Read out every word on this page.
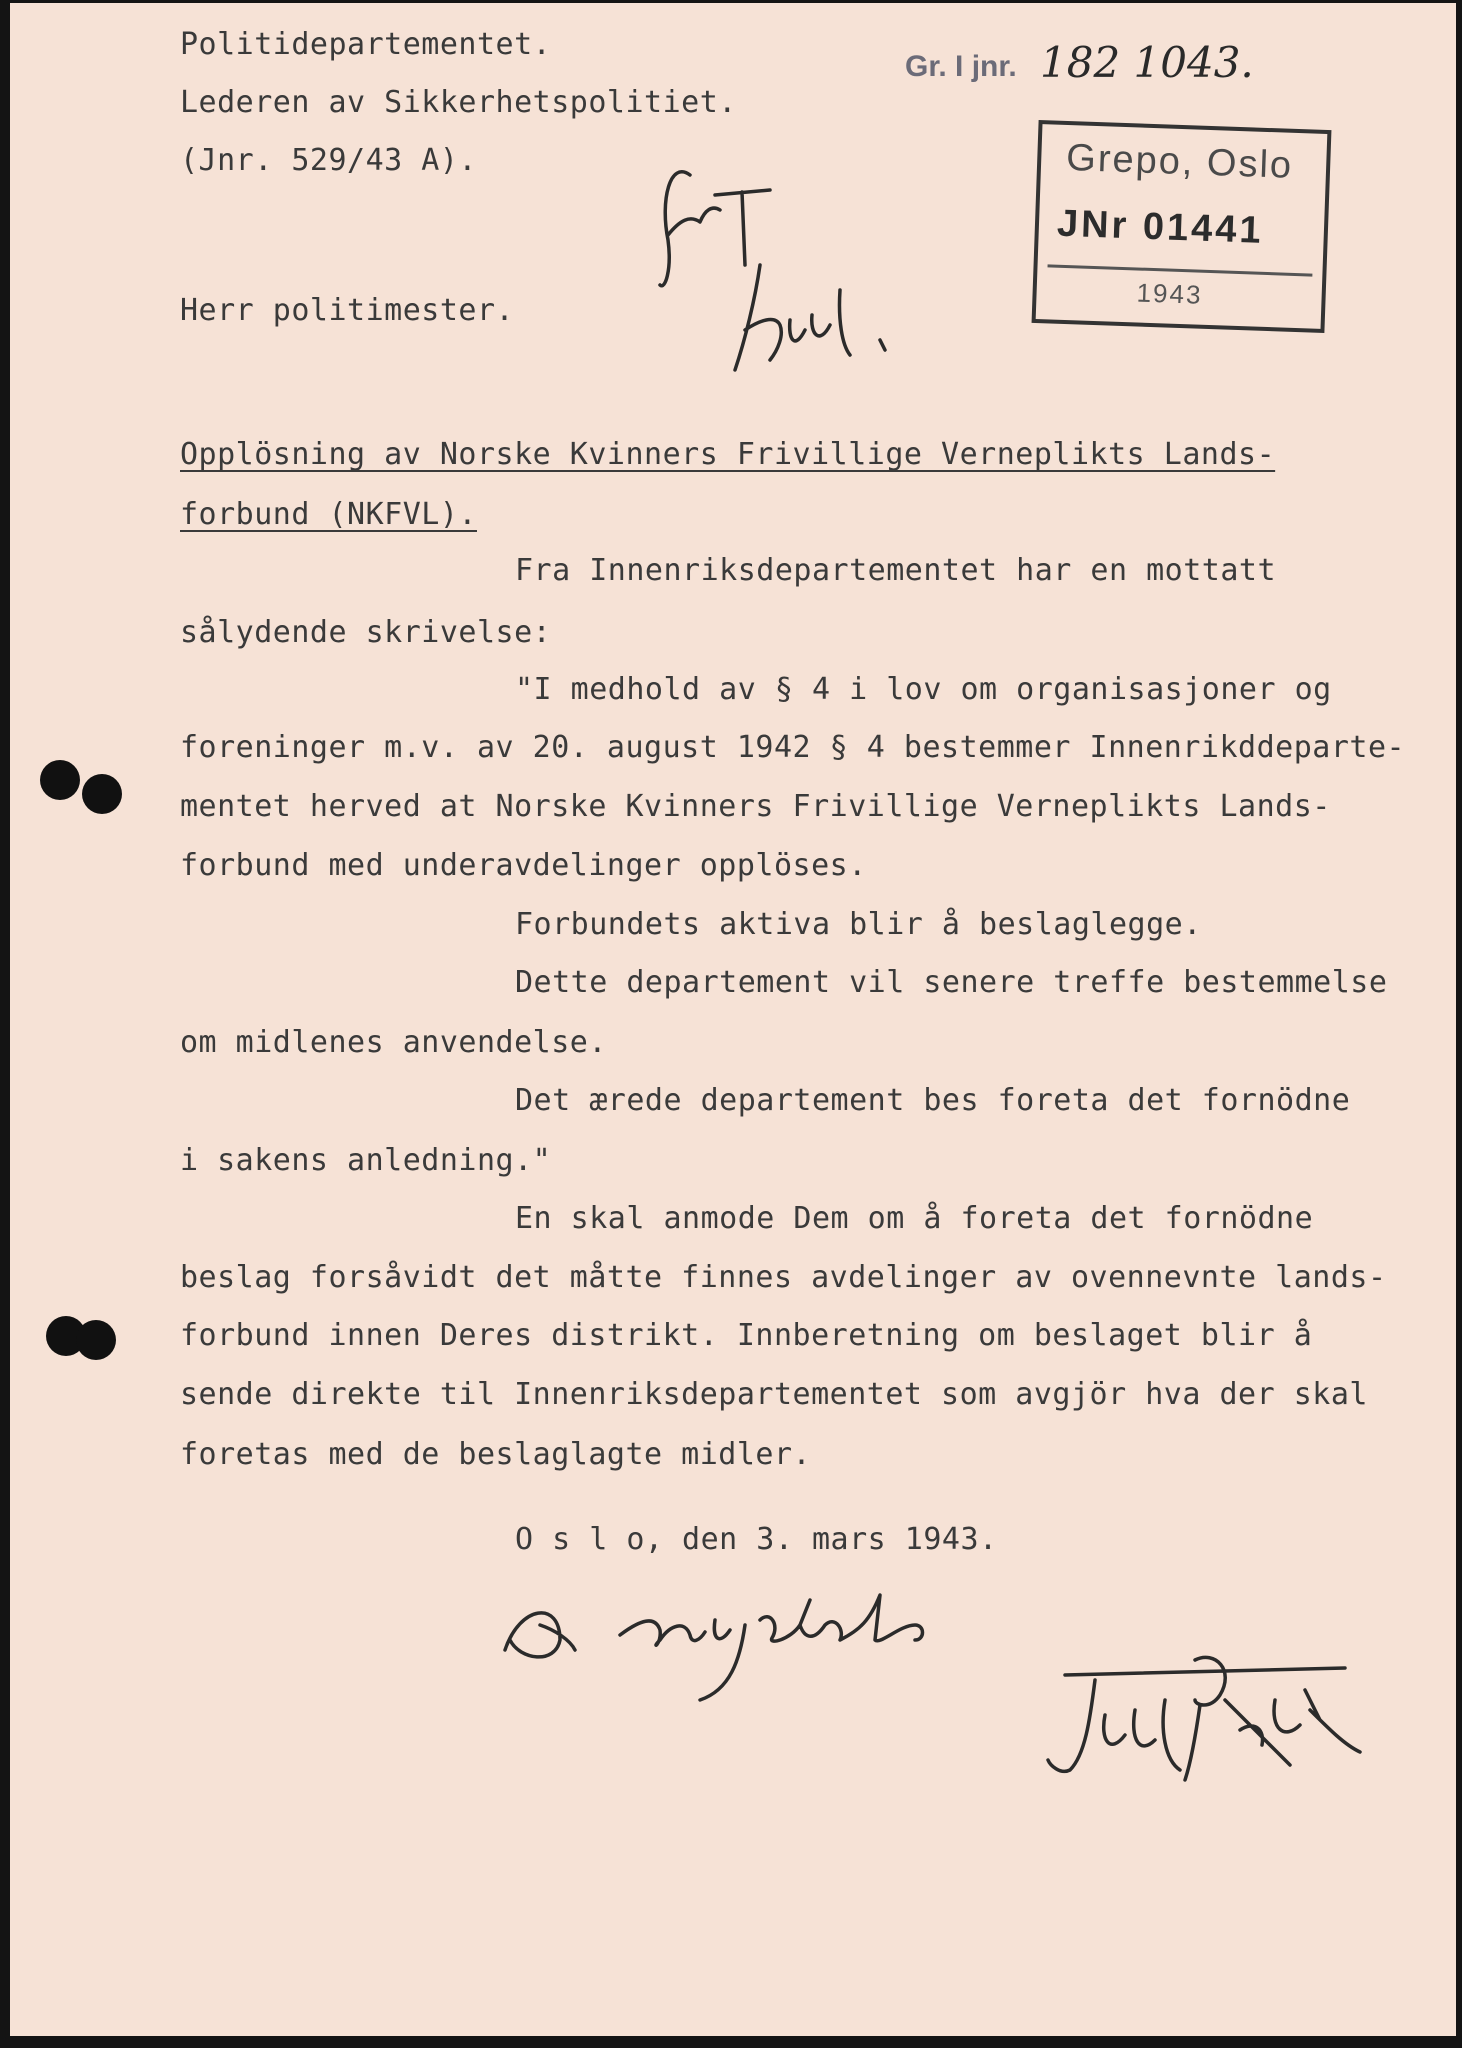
Politidepartementet.
Lederen av Sikkerhetspolitiet.
(Jnr. 529/43 A).
Gr. I jnr. 182 1043.
Grepo, Oslo
JNr 01441
1943
Herr politimester.
Opplösning av Norske Kvinners Frivillige Verneplikts Lands-
forbund (NKFVL).
Fra Innenriksdepartementet har en mottatt
sålydende skrivelse:
"I medhold av § 4 i lov om organisasjoner og
foreninger m.v. av 20. august 1942 § 4 bestemmer Innenrikddeparte-
mentet herved at Norske Kvinners Frivillige Verneplikts Lands-
forbund med underavdelinger opplöses.
Forbundets aktiva blir å beslaglegge.
Dette departement vil senere treffe bestemmelse
om midlenes anvendelse.
Det ærede departement bes foreta det fornödne
i sakens anledning."
En skal anmode Dem om å foreta det fornödne
beslag forsåvidt det måtte finnes avdelinger av ovennevnte lands-
forbund innen Deres distrikt. Innberetning om beslaget blir å
sende direkte til Innenriksdepartementet som avgjör hva der skal
foretas med de beslaglagte midler.
O s l o, den 3. mars 1943.
